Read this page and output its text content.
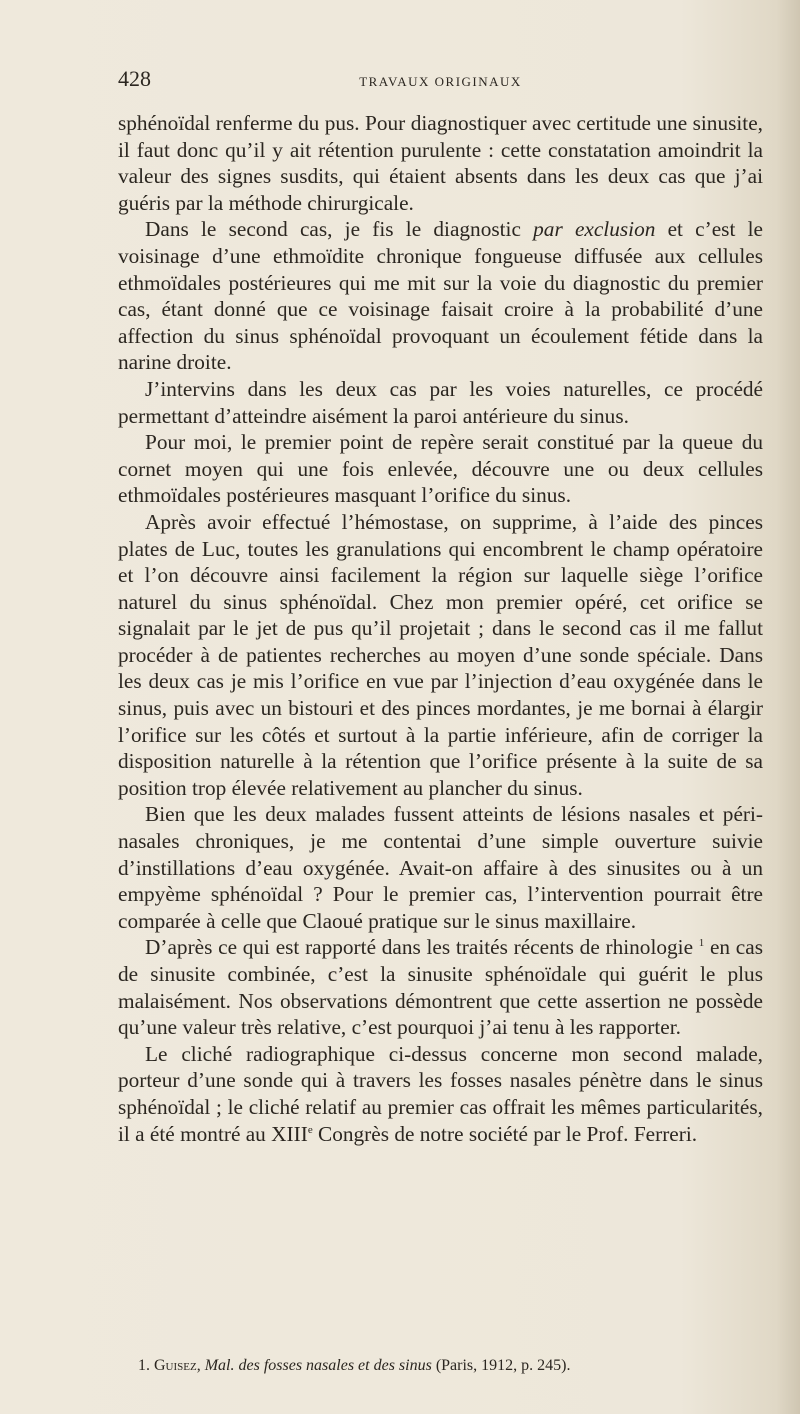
428	TRAVAUX ORIGINAUX

sphénoïdal renferme du pus. Pour diagnostiquer avec certitude une sinusite, il faut donc qu’il y ait rétention purulente : cette constatation amoindrit la valeur des signes susdits, qui étaient absents dans les deux cas que j’ai guéris par la méthode chirurgicale.

Dans le second cas, je fis le diagnostic par exclusion et c’est le voisinage d’une ethmoïdite chronique fongueuse diffusée aux cellules ethmoïdales postérieures qui me mit sur la voie du diagnostic du premier cas, étant donné que ce voisinage faisait croire à la probabilité d’une affection du sinus sphénoïdal provoquant un écoulement fétide dans la narine droite.

J’intervins dans les deux cas par les voies naturelles, ce procédé permettant d’atteindre aisément la paroi antérieure du sinus.

Pour moi, le premier point de repère serait constitué par la queue du cornet moyen qui une fois enlevée, découvre une ou deux cellules ethmoïdales postérieures masquant l’orifice du sinus.

Après avoir effectué l’hémostase, on supprime, à l’aide des pinces plates de Luc, toutes les granulations qui encombrent le champ opératoire et l’on découvre ainsi facilement la région sur laquelle siège l’orifice naturel du sinus sphénoïdal. Chez mon premier opéré, cet orifice se signalait par le jet de pus qu’il projetait ; dans le second cas il me fallut procéder à de patientes recherches au moyen d’une sonde spéciale. Dans les deux cas je mis l’orifice en vue par l’injection d’eau oxygénée dans le sinus, puis avec un bistouri et des pinces mordantes, je me bornai à élargir l’orifice sur les côtés et surtout à la partie inférieure, afin de corriger la disposition naturelle à la rétention que l’orifice présente à la suite de sa position trop élevée relativement au plancher du sinus.

Bien que les deux malades fussent atteints de lésions nasales et péri-nasales chroniques, je me contentai d’une simple ouverture suivie d’instillations d’eau oxygénée. Avait-on affaire à des sinusites ou à un empyème sphénoïdal ? Pour le premier cas, l’intervention pourrait être comparée à celle que Claoué pratique sur le sinus maxillaire.

D’après ce qui est rapporté dans les traités récents de rhinologie $^1$ en cas de sinusite combinée, c’est la sinusite sphénoïdale qui guérit le plus malaisément. Nos observations démontrent que cette assertion ne possède qu’une valeur très relative, c’est pourquoi j’ai tenu à les rapporter.

Le cliché radiographique ci-dessus concerne mon second malade, porteur d’une sonde qui à travers les fosses nasales pénètre dans le sinus sphénoïdal ; le cliché relatif au premier cas offrait les mêmes particularités, il a été montré au XIIIe Congrès de notre société par le Prof. Ferreri.

1. Guisez, Mal. des fosses nasales et des sinus (Paris, 1912, p. 245).
